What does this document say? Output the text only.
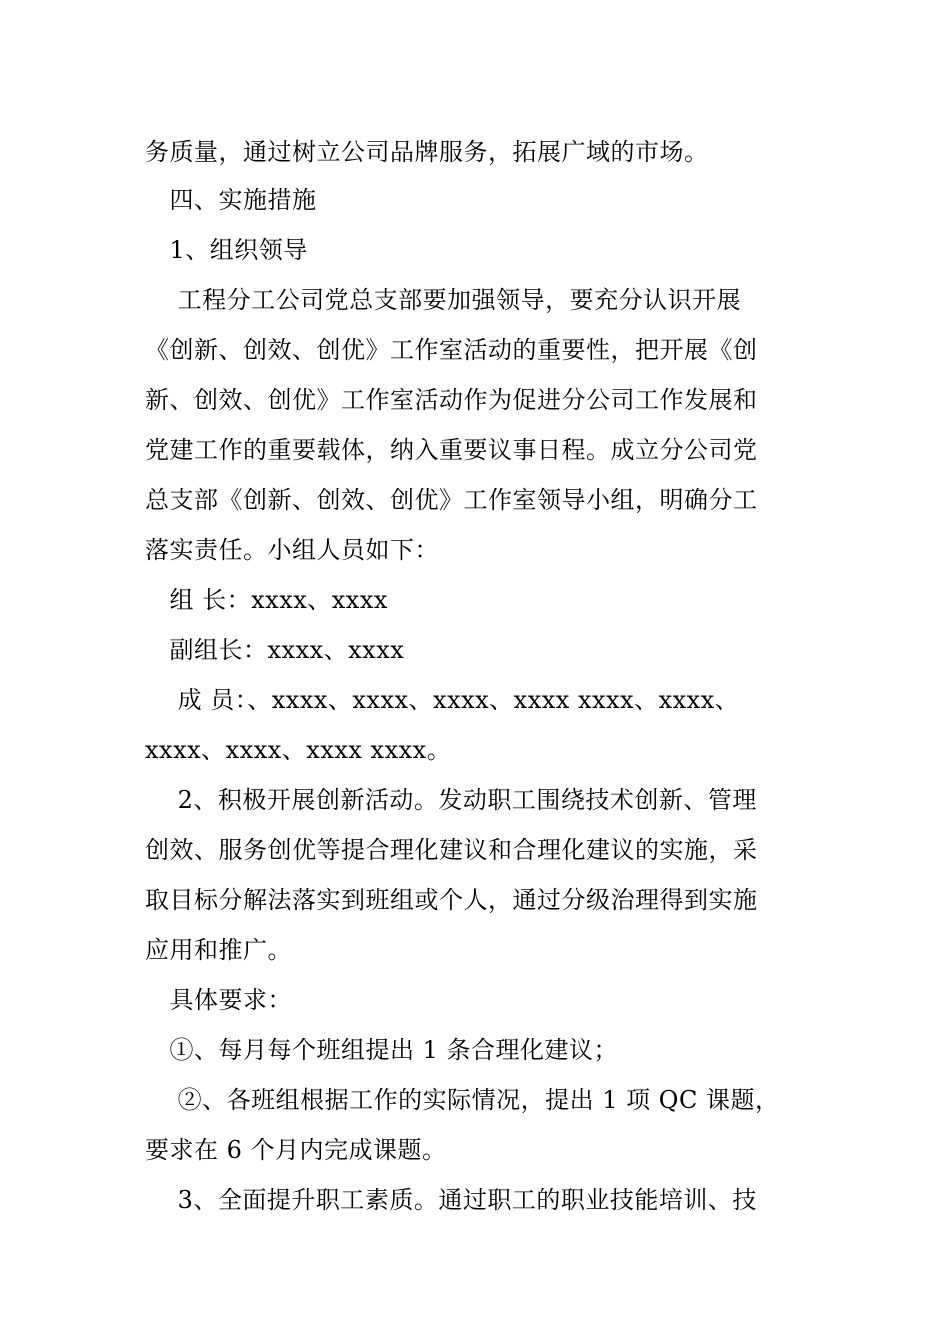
务质量，通过树立公司品牌服务，拓展广域的市场。
　四、实施措施
　1、组织领导
　 工程分工公司党总支部要加强领导，要充分认识开展
《创新、创效、创优》工作室活动的重要性，把开展《创
新、创效、创优》工作室活动作为促进分公司工作发展和
党建工作的重要载体，纳入重要议事日程。成立分公司党
总支部《创新、创效、创优》工作室领导小组，明确分工
落实责任。小组人员如下：
　组 长：xxxx、xxxx
　副组长：xxxx、xxxx
　 成 员：、xxxx、xxxx、xxxx、xxxx xxxx、xxxx、
xxxx、xxxx、xxxx xxxx。
　 2、积极开展创新活动。发动职工围绕技术创新、管理
创效、服务创优等提合理化建议和合理化建议的实施，采
取目标分解法落实到班组或个人，通过分级治理得到实施
应用和推广。
　具体要求：
　①、每月每个班组提出 1 条合理化建议；
　 ②、各班组根据工作的实际情况，提出 1 项 QC 课题，
要求在 6 个月内完成课题。
　 3、全面提升职工素质。通过职工的职业技能培训、技
